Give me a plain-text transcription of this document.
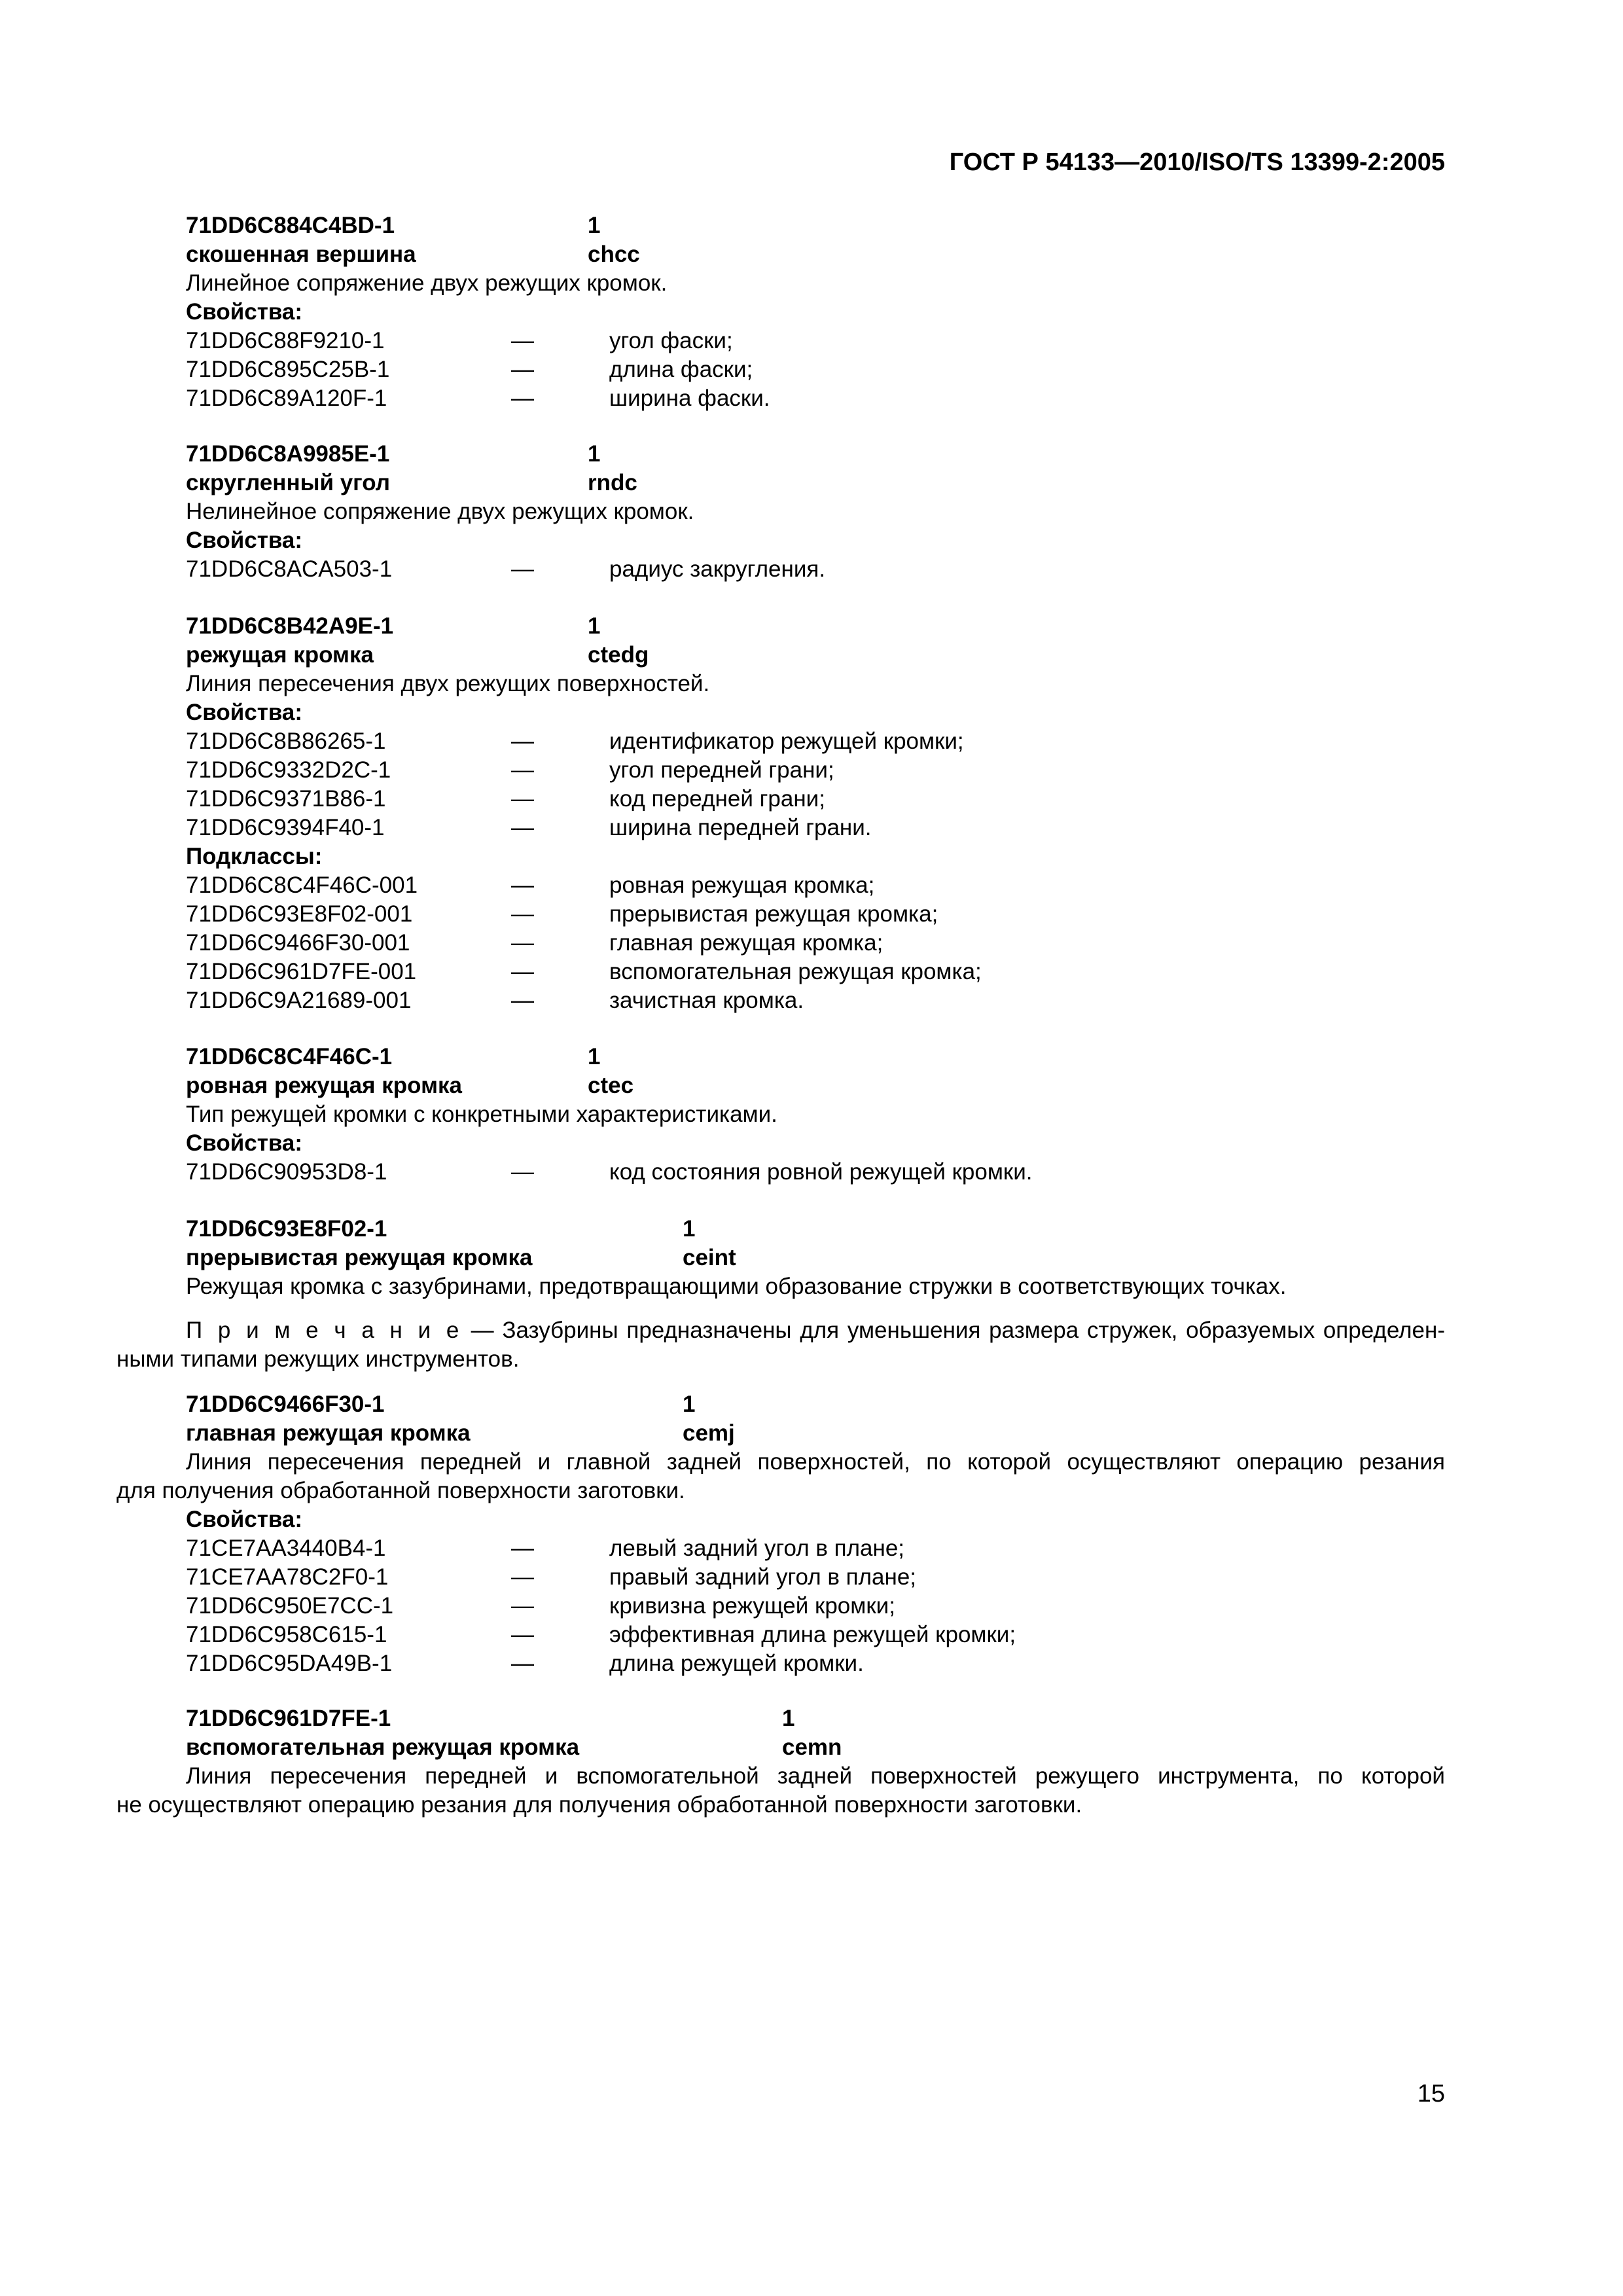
ГОСТ Р 54133—2010/ISO/TS 13399-2:2005
71DD6C884C4BD-1	1
скошенная вершина	chcc
Линейное сопряжение двух режущих кромок.
Свойства:
71DD6C88F9210-1	—	угол фаски;
71DD6C895C25B-1	—	длина фаски;
71DD6C89A120F-1	—	ширина фаски.
71DD6C8A9985E-1	1
скругленный угол	rndc
Нелинейное сопряжение двух режущих кромок.
Свойства:
71DD6C8ACA503-1	—	радиус закругления.
71DD6C8B42A9E-1	1
режущая кромка	ctedg
Линия пересечения двух режущих поверхностей.
Свойства:
71DD6C8B86265-1	—	идентификатор режущей кромки;
71DD6C9332D2C-1	—	угол передней грани;
71DD6C9371B86-1	—	код передней грани;
71DD6C9394F40-1	—	ширина передней грани.
Подклассы:
71DD6C8C4F46C-001	—	ровная режущая кромка;
71DD6C93E8F02-001	—	прерывистая режущая кромка;
71DD6C9466F30-001	—	главная режущая кромка;
71DD6C961D7FE-001	—	вспомогательная режущая кромка;
71DD6C9A21689-001	—	зачистная кромка.
71DD6C8C4F46C-1	1
ровная режущая кромка	ctec
Тип режущей кромки с конкретными характеристиками.
Свойства:
71DD6C90953D8-1	—	код состояния ровной режущей кромки.
71DD6C93E8F02-1	1
прерывистая режущая кромка	ceint
Режущая кромка с зазубринами, предотвращающими образование стружки в соответствующих точках.
П р и м е ч а н и е — Зазубрины предназначены для уменьшения размера стружек, образуемых определен-
ными типами режущих инструментов.
71DD6C9466F30-1	1
главная режущая кромка	cemj
Линия пересечения передней и главной задней поверхностей, по которой осуществляют операцию резания
для получения обработанной поверхности заготовки.
Свойства:
71CE7AA3440B4-1	—	левый задний угол в плане;
71CE7AA78C2F0-1	—	правый задний угол в плане;
71DD6C950E7CC-1	—	кривизна режущей кромки;
71DD6C958C615-1	—	эффективная длина режущей кромки;
71DD6C95DA49B-1	—	длина режущей кромки.
71DD6C961D7FE-1	1
вспомогательная режущая кромка	cemn
Линия пересечения передней и вспомогательной задней поверхностей режущего инструмента, по которой
не осуществляют операцию резания для получения обработанной поверхности заготовки.
15
